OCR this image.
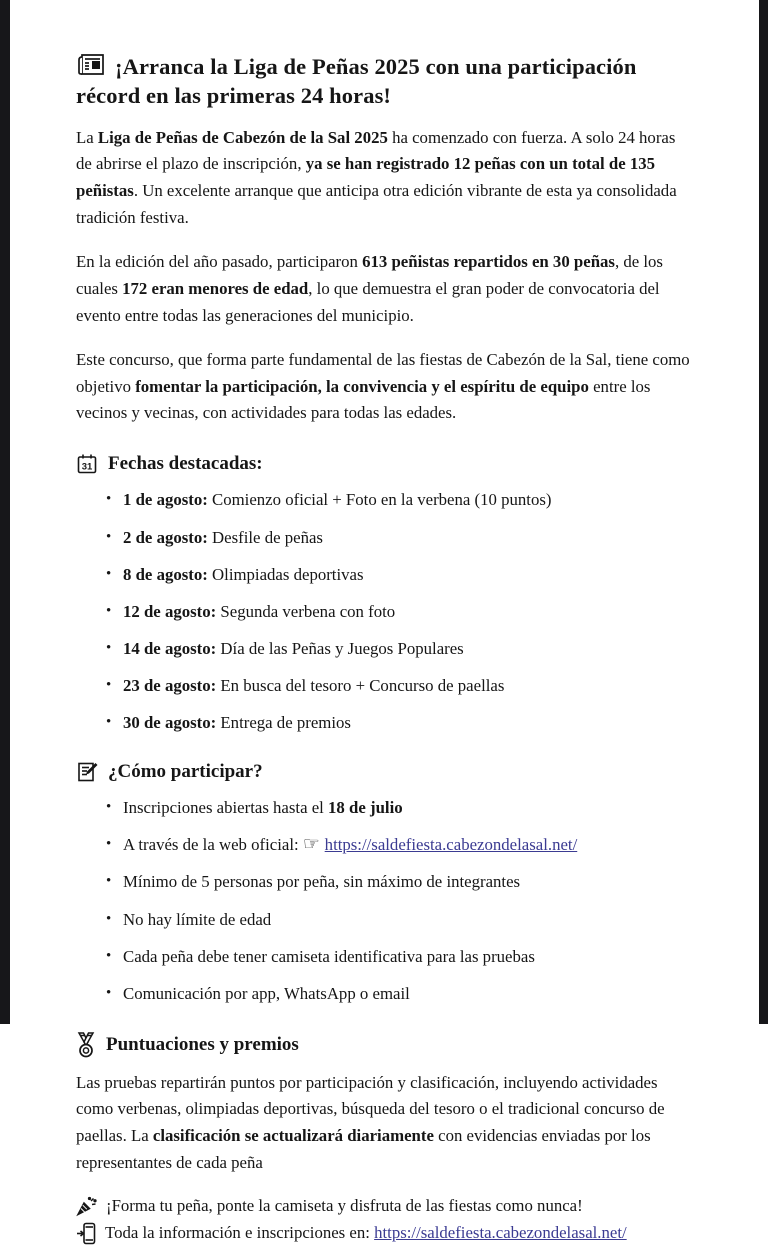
¡Arranca la Liga de Peñas 2025 con una participación récord en las primeras 24 horas!

La Liga de Peñas de Cabezón de la Sal 2025 ha comenzado con fuerza. A solo 24 horas de abrirse el plazo de inscripción, ya se han registrado 12 peñas con un total de 135 peñistas. Un excelente arranque que anticipa otra edición vibrante de esta ya consolidada tradición festiva.

En la edición del año pasado, participaron 613 peñistas repartidos en 30 peñas, de los cuales 172 eran menores de edad, lo que demuestra el gran poder de convocatoria del evento entre todas las generaciones del municipio.

Este concurso, que forma parte fundamental de las fiestas de Cabezón de la Sal, tiene como objetivo fomentar la participación, la convivencia y el espíritu de equipo entre los vecinos y vecinas, con actividades para todas las edades.

31 Fechas destacadas:
• 1 de agosto: Comienzo oficial + Foto en la verbena (10 puntos)
• 2 de agosto: Desfile de peñas
• 8 de agosto: Olimpiadas deportivas
• 12 de agosto: Segunda verbena con foto
• 14 de agosto: Día de las Peñas y Juegos Populares
• 23 de agosto: En busca del tesoro + Concurso de paellas
• 30 de agosto: Entrega de premios
¿Cómo participar?
• Inscripciones abiertas hasta el 18 de julio
• A través de la web oficial: ☞ https://saldefiesta.cabezondelasal.net/
• Mínimo de 5 personas por peña, sin máximo de integrantes
• No hay límite de edad
• Cada peña debe tener camiseta identificativa para las pruebas
• Comunicación por app, WhatsApp o email
Puntuaciones y premios

Las pruebas repartirán puntos por participación y clasificación, incluyendo actividades como verbenas, olimpiadas deportivas, búsqueda del tesoro o el tradicional concurso de paellas. La clasificación se actualizará diariamente con evidencias enviadas por los representantes de cada peña

¡Forma tu peña, ponte la camiseta y disfruta de las fiestas como nunca!
Toda la información e inscripciones en: https://saldefiesta.cabezondelasal.net/
